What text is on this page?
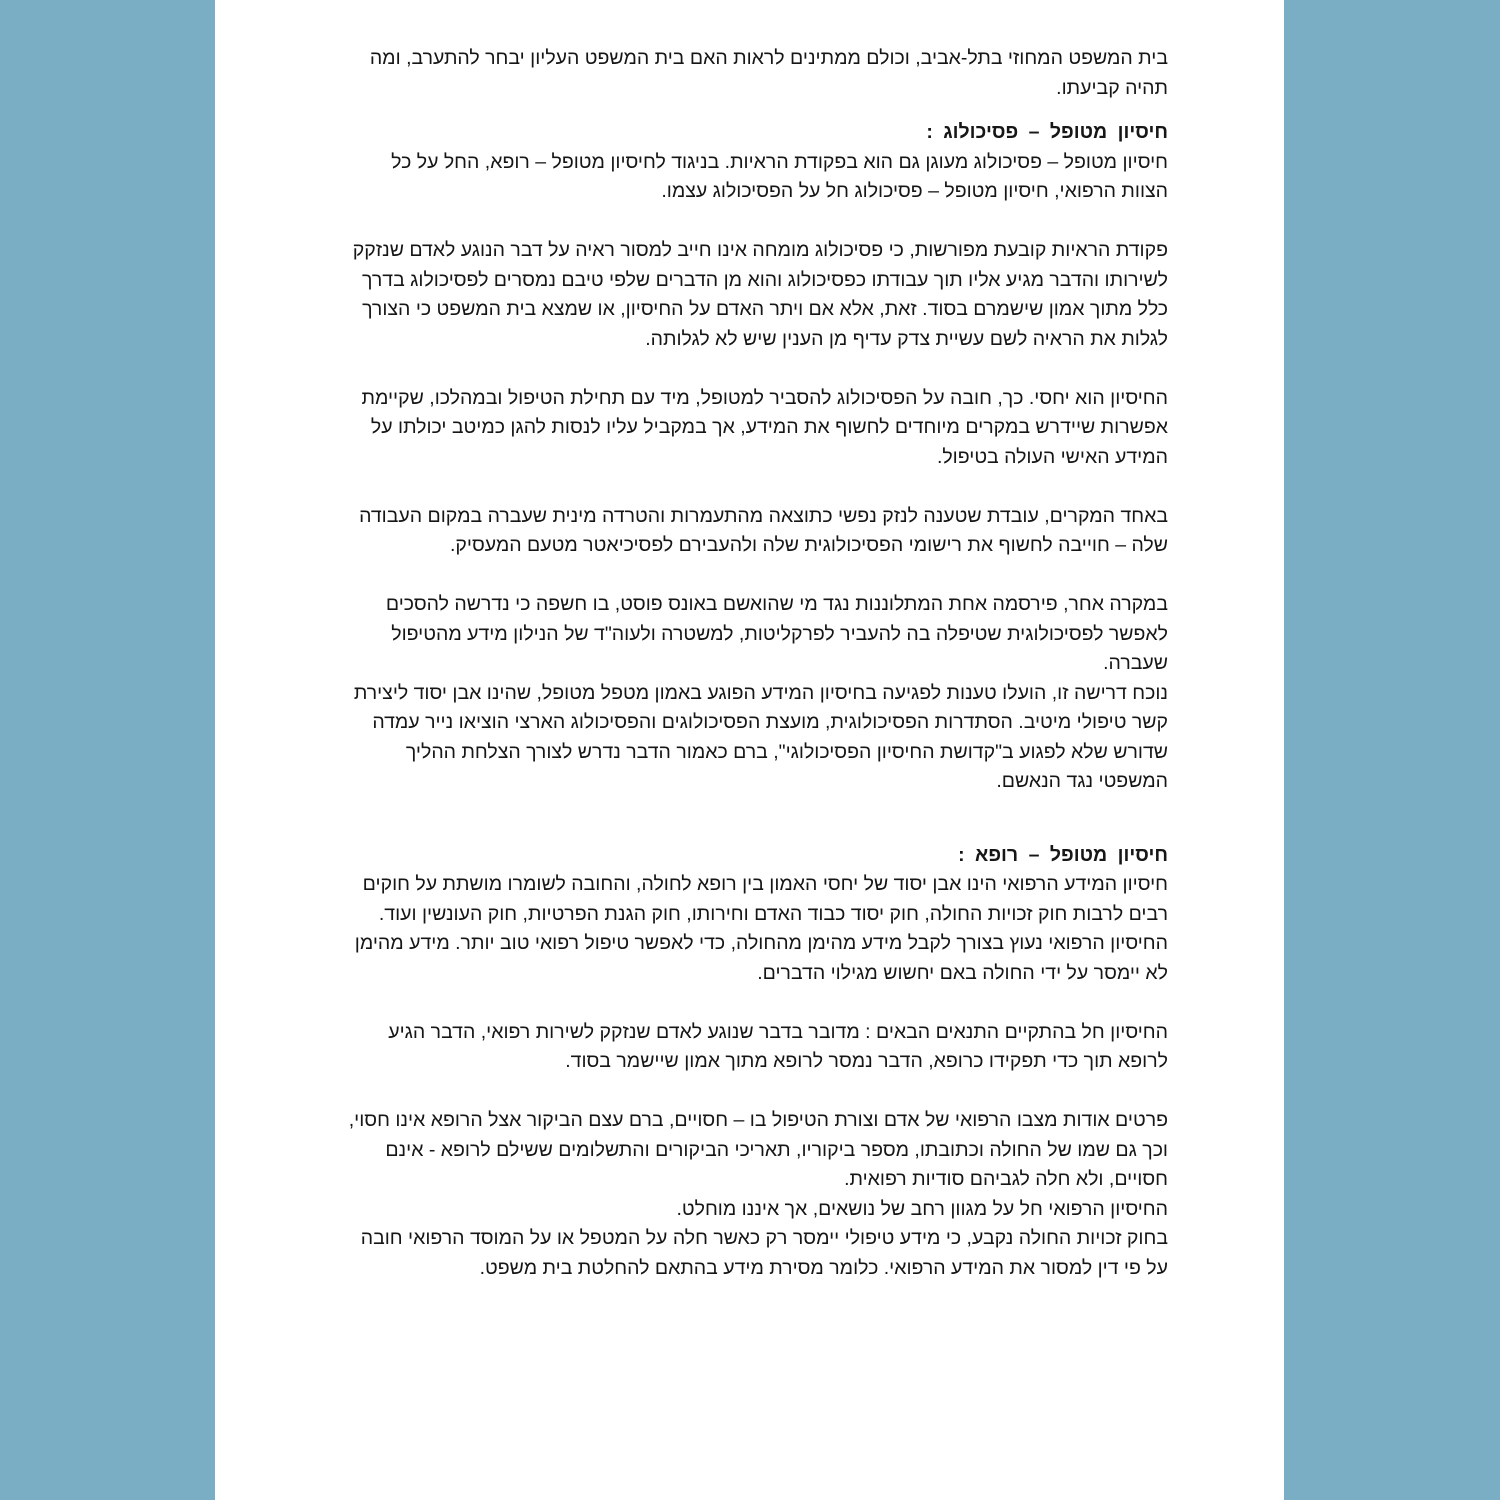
בית המשפט המחוזי בתל-אביב, וכולם ממתינים לראות האם בית המשפט העליון יבחר להתערב, ומה תהיה קביעתו.

חיסיון מטופל – פסיכולוג :

חיסיון מטופל – פסיכולוג מעוגן גם הוא בפקודת הראיות. בניגוד לחיסיון מטופל – רופא, החל על כל הצוות הרפואי, חיסיון מטופל – פסיכולוג חל על הפסיכולוג עצמו.

פקודת הראיות קובעת מפורשות, כי פסיכולוג מומחה אינו חייב למסור ראיה על דבר הנוגע לאדם שנזקק לשירותו והדבר מגיע אליו תוך עבודתו כפסיכולוג והוא מן הדברים שלפי טיבם נמסרים לפסיכולוג בדרך כלל מתוך אמון שישמרם בסוד. זאת, אלא אם ויתר האדם על החיסיון, או שמצא בית המשפט כי הצורך לגלות את הראיה לשם עשיית צדק עדיף מן הענין שיש לא לגלותה.

החיסיון הוא יחסי. כך, חובה על הפסיכולוג להסביר למטופל, מיד עם תחילת הטיפול ובמהלכו, שקיימת אפשרות שיידרש במקרים מיוחדים לחשוף את המידע, אך במקביל עליו לנסות להגן כמיטב יכולתו על המידע האישי העולה בטיפול.

באחד המקרים, עובדת שטענה לנזק נפשי כתוצאה מהתעמרות והטרדה מינית שעברה במקום העבודה שלה – חוייבה לחשוף את רישומי הפסיכולוגית שלה ולהעבירם לפסיכיאטר מטעם המעסיק.

במקרה אחר, פירסמה אחת המתלוננות נגד מי שהואשם באונס פוסט, בו חשפה כי נדרשה להסכים לאפשר לפסיכולוגית שטיפלה בה להעביר לפרקליטות, למשטרה ולעוה"ד של הנילון מידע מהטיפול שעברה.

נוכח דרישה זו, הועלו טענות לפגיעה בחיסיון המידע הפוגע באמון מטפל מטופל, שהינו אבן יסוד ליצירת קשר טיפולי מיטיב. הסתדרות הפסיכולוגית, מועצת הפסיכולוגים והפסיכולוג הארצי הוציאו נייר עמדה שדורש שלא לפגוע ב"קדושת החיסיון הפסיכולוגי", ברם כאמור הדבר נדרש לצורך הצלחת ההליך המשפטי נגד הנאשם.

חיסיון מטופל – רופא :

חיסיון המידע הרפואי הינו אבן יסוד של יחסי האמון בין רופא לחולה, והחובה לשומרו מושתת על חוקים רבים לרבות חוק זכויות החולה, חוק יסוד כבוד האדם וחירותו, חוק הגנת הפרטיות, חוק העונשין ועוד.

החיסיון הרפואי נעוץ בצורך לקבל מידע מהימן מהחולה, כדי לאפשר טיפול רפואי טוב יותר. מידע מהימן לא יימסר על ידי החולה באם יחשוש מגילוי הדברים.

החיסיון חל בהתקיים התנאים הבאים : מדובר בדבר שנוגע לאדם שנזקק לשירות רפואי, הדבר הגיע לרופא תוך כדי תפקידו כרופא, הדבר נמסר לרופא מתוך אמון שיישמר בסוד.

פרטים אודות מצבו הרפואי של אדם וצורת הטיפול בו – חסויים, ברם עצם הביקור אצל הרופא אינו חסוי, וכך גם שמו של החולה וכתובתו, מספר ביקוריו, תאריכי הביקורים והתשלומים ששילם לרופא - אינם חסויים, ולא חלה לגביהם סודיות רפואית.

החיסיון הרפואי חל על מגוון רחב של נושאים, אך איננו מוחלט.

בחוק זכויות החולה נקבע, כי מידע טיפולי יימסר רק כאשר חלה על המטפל או על המוסד הרפואי חובה על פי דין למסור את המידע הרפואי. כלומר מסירת מידע בהתאם להחלטת בית משפט.
